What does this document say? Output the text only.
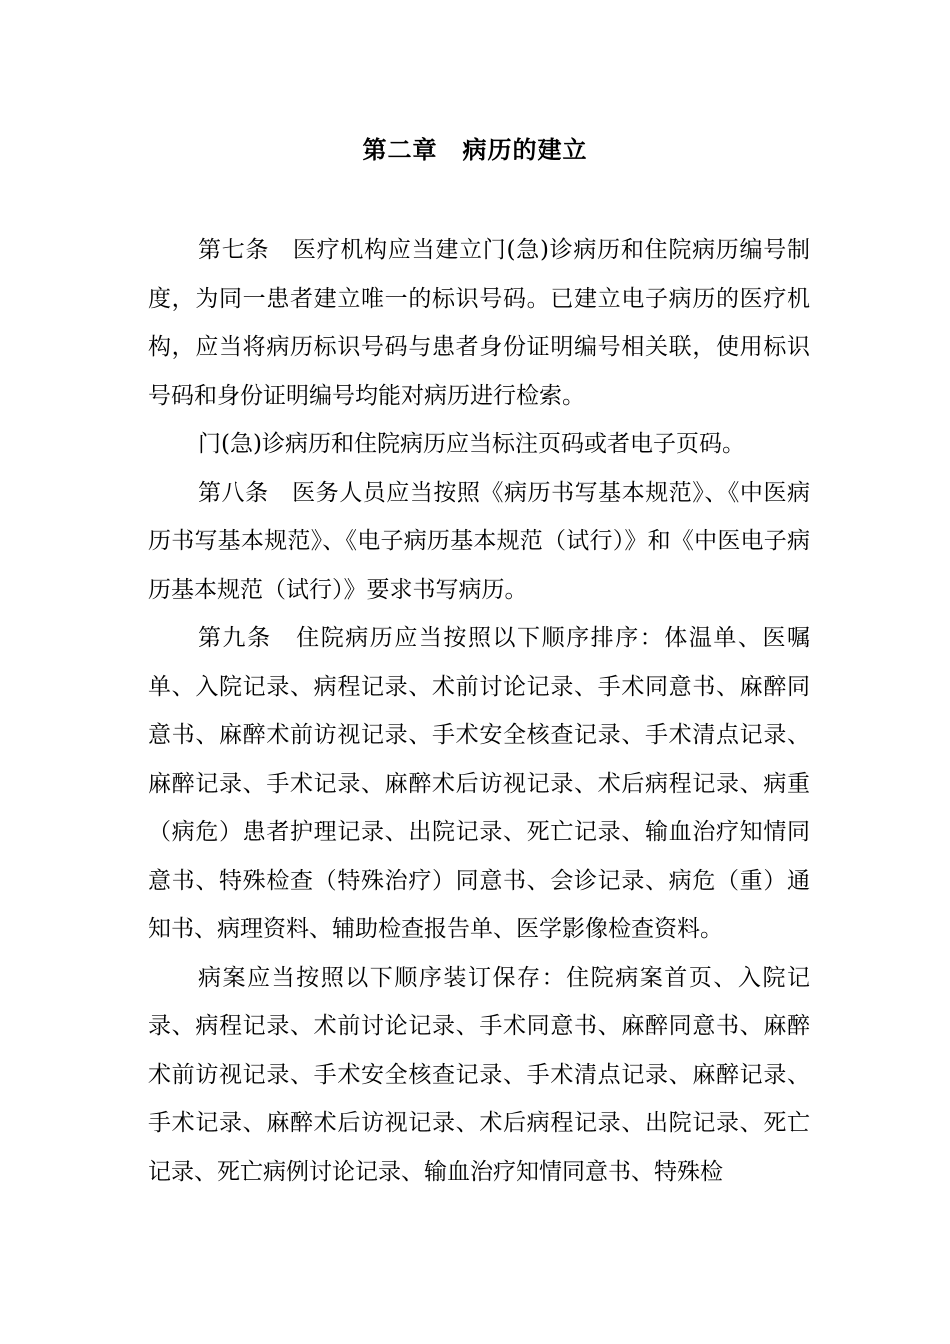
第二章　病历的建立

第七条　医疗机构应当建立门(急)诊病历和住院病历编号制度，为同一患者建立唯一的标识号码。已建立电子病历的医疗机构，应当将病历标识号码与患者身份证明编号相关联，使用标识号码和身份证明编号均能对病历进行检索。

门(急)诊病历和住院病历应当标注页码或者电子页码。

第八条　医务人员应当按照《病历书写基本规范》、《中医病历书写基本规范》、《电子病历基本规范（试行）》和《中医电子病历基本规范（试行）》要求书写病历。

第九条　住院病历应当按照以下顺序排序：体温单、医嘱单、入院记录、病程记录、术前讨论记录、手术同意书、麻醉同意书、麻醉术前访视记录、手术安全核查记录、手术清点记录、麻醉记录、手术记录、麻醉术后访视记录、术后病程记录、病重（病危）患者护理记录、出院记录、死亡记录、输血治疗知情同意书、特殊检查（特殊治疗）同意书、会诊记录、病危（重）通知书、病理资料、辅助检查报告单、医学影像检查资料。

病案应当按照以下顺序装订保存：住院病案首页、入院记录、病程记录、术前讨论记录、手术同意书、麻醉同意书、麻醉术前访视记录、手术安全核查记录、手术清点记录、麻醉记录、手术记录、麻醉术后访视记录、术后病程记录、出院记录、死亡记录、死亡病例讨论记录、输血治疗知情同意书、特殊检
